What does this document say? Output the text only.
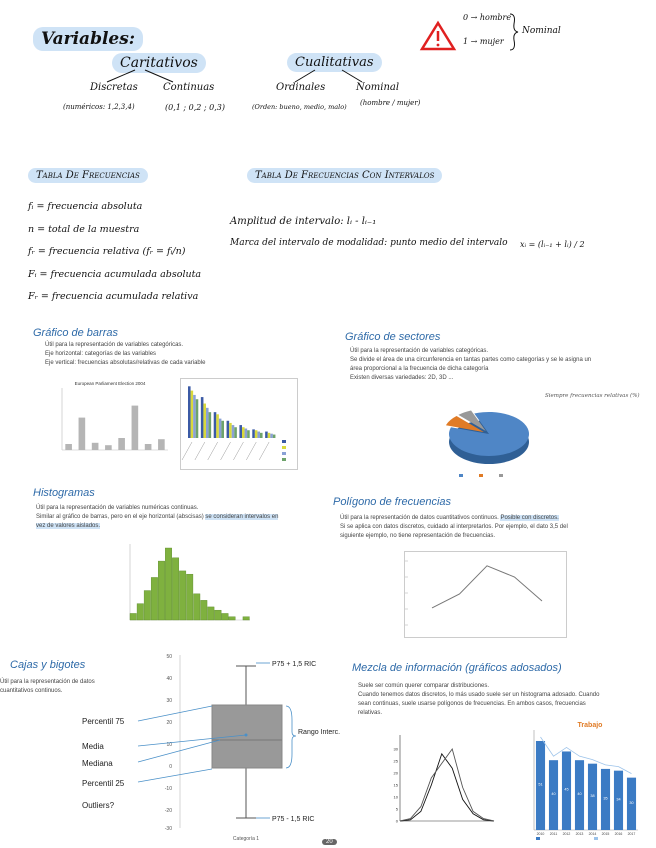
Variables:
Caritativos
Discretas	Continuas
(numéricos: 1,2,3,4)	(0,1 ; 0,2 ; 0,3)
Cualitativas
Ordinales	Nominal
(Orden: bueno, medio, malo) (hombre / mujer)
0 → hombre
1 → mujer
Nominal
Tabla De Frecuencias
fᵢ = frecuencia absoluta
n = total de la muestra
fᵣ = frecuencia relativa (fᵣ = fᵢ/n)
Fᵢ = frecuencia acumulada absoluta
Fᵣ = frecuencia acumulada relativa
Tabla De Frecuencias Con Intervalos
Amplitud de intervalo: lᵢ - lᵢ₋₁
Marca del intervalo de modalidad: punto medio del intervalo xᵢ = (lᵢ₋₁ + lᵢ) / 2
Gráfico de barras
Útil para la representación de variables categóricas.
Eje horizontal: categorías de las variables
Eje vertical: frecuencias absolutas/relativas de cada variable
European Parliament Election 2004
Gráfico de sectores
Útil para la representación de variables categóricas.
Se divide el área de una circunferencia en tantas partes como categorías y se le asigna un
área proporcional a la frecuencia de dicha categoría
Existen diversas variedades: 2D, 3D ...
Siempre frecuencias relativas (%)
Histogramas
Útil para la representación de variables numéricas continuas.
Similar al gráfico de barras, pero en el eje horizontal (abscisas) se consideran intervalos en
vez de valores aislados.
Polígono de frecuencias
Útil para la representación de datos cuantitativos continuos. Posible con discretos.
Si se aplica con datos discretos, cuidado al interpretarlos. Por ejemplo, el dato 3,5 del
siguiente ejemplo, no tiene representación de frecuencias.
Cajas y bigotes
Útil para la representación de datos
cuantitativos continuos.
50
40
30
20
10
0
-10
-20
-30
Percentil 75
Media
Mediana
Percentil 25
Outliers?
P75 + 1,5 RIC
P75 - 1,5 RIC
Rango Interc.
Categoría 1
Mezcla de información (gráficos adosados)
Suele ser común querer comparar distribuciones.
Cuando tenemos datos discretos, lo más usado suele ser un histograma adosado. Cuando
sean continuas, suele usarse polígonos de frecuencias. En ambos casos, frecuencias
relativas.
0
5
10
15
20
25
30
Trabajo
51
2010
40
2011
45
2012
40
2013
38
2014
35
2015
34
2016
30
2017
20
